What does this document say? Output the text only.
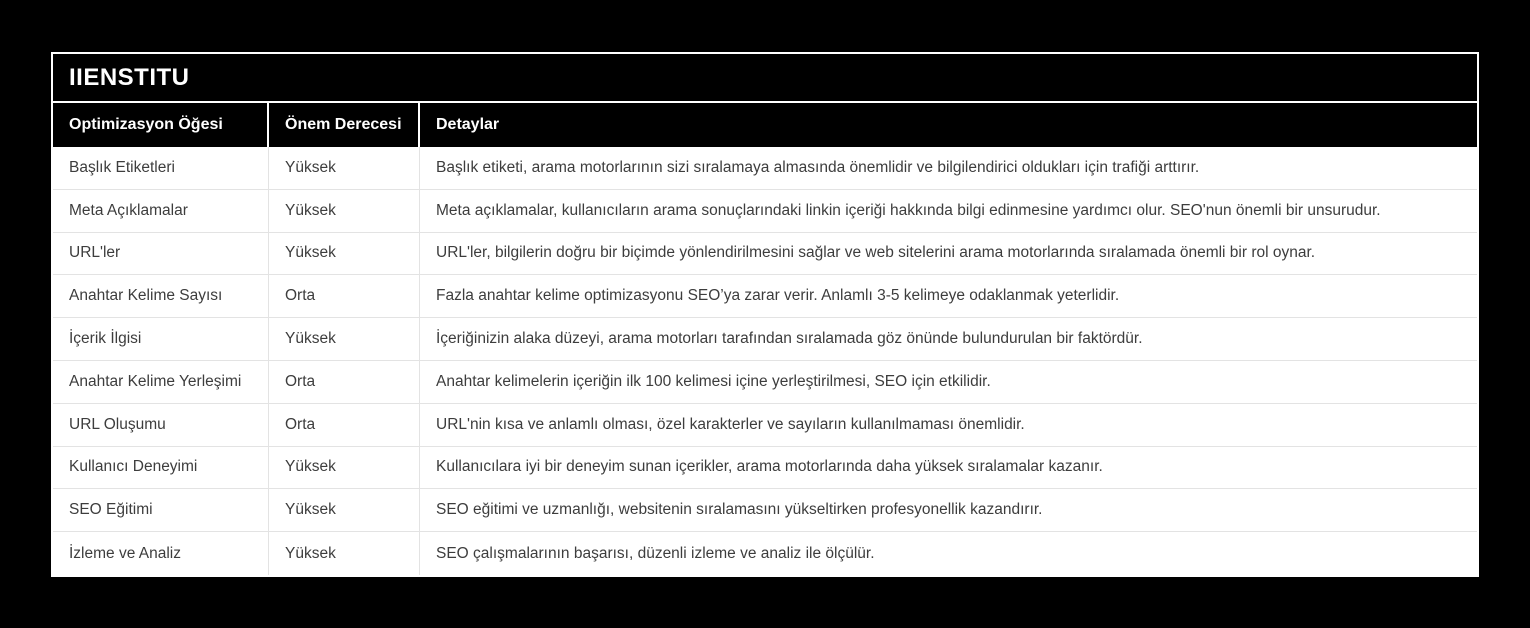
IIENSTITU
Optimizasyon Öğesi	Önem Derecesi	Detaylar
Başlık Etiketleri	Yüksek	Başlık etiketi, arama motorlarının sizi sıralamaya almasında önemlidir ve bilgilendirici oldukları için trafiği arttırır.
Meta Açıklamalar	Yüksek	Meta açıklamalar, kullanıcıların arama sonuçlarındaki linkin içeriği hakkında bilgi edinmesine yardımcı olur. SEO'nun önemli bir unsurudur.
URL'ler	Yüksek	URL'ler, bilgilerin doğru bir biçimde yönlendirilmesini sağlar ve web sitelerini arama motorlarında sıralamada önemli bir rol oynar.
Anahtar Kelime Sayısı	Orta	Fazla anahtar kelime optimizasyonu SEO’ya zarar verir. Anlamlı 3-5 kelimeye odaklanmak yeterlidir.
İçerik İlgisi	Yüksek	İçeriğinizin alaka düzeyi, arama motorları tarafından sıralamada göz önünde bulundurulan bir faktördür.
Anahtar Kelime Yerleşimi	Orta	Anahtar kelimelerin içeriğin ilk 100 kelimesi içine yerleştirilmesi, SEO için etkilidir.
URL Oluşumu	Orta	URL'nin kısa ve anlamlı olması, özel karakterler ve sayıların kullanılmaması önemlidir.
Kullanıcı Deneyimi	Yüksek	Kullanıcılara iyi bir deneyim sunan içerikler, arama motorlarında daha yüksek sıralamalar kazanır.
SEO Eğitimi	Yüksek	SEO eğitimi ve uzmanlığı, websitenin sıralamasını yükseltirken profesyonellik kazandırır.
İzleme ve Analiz	Yüksek	SEO çalışmalarının başarısı, düzenli izleme ve analiz ile ölçülür.
